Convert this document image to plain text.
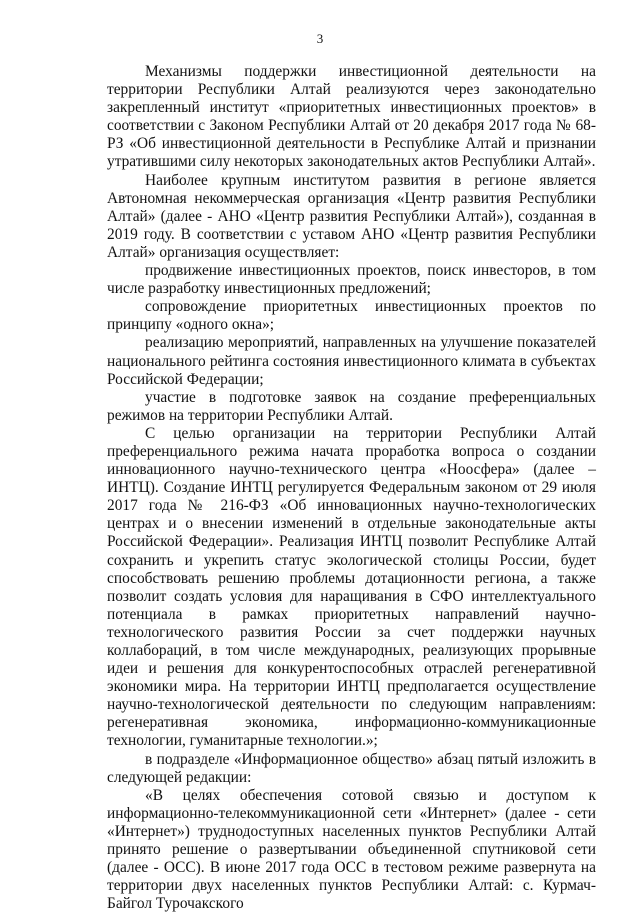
3

Механизмы поддержки инвестиционной деятельности на территории Республики Алтай реализуются через законодательно закрепленный институт «приоритетных инвестиционных проектов» в соответствии с Законом Республики Алтай от 20 декабря 2017 года № 68-РЗ «Об инвестиционной деятельности в Республике Алтай и признании утратившими силу некоторых законодательных актов Республики Алтай».

Наиболее крупным институтом развития в регионе является Автономная некоммерческая организация «Центр развития Республики Алтай» (далее - АНО «Центр развития Республики Алтай»), созданная в 2019 году. В соответствии с уставом АНО «Центр развития Республики Алтай» организация осуществляет:

продвижение инвестиционных проектов, поиск инвесторов, в том числе разработку инвестиционных предложений;

сопровождение приоритетных инвестиционных проектов по принципу «одного окна»;

реализацию мероприятий, направленных на улучшение показателей национального рейтинга состояния инвестиционного климата в субъектах Российской Федерации;

участие в подготовке заявок на создание преференциальных режимов на территории Республики Алтай.

С целью организации на территории Республики Алтай преференциального режима начата проработка вопроса о создании инновационного научно-технического центра «Ноосфера» (далее – ИНТЦ). Создание ИНТЦ регулируется Федеральным законом от 29 июля 2017 года № 216-ФЗ «Об инновационных научно-технологических центрах и о внесении изменений в отдельные законодательные акты Российской Федерации». Реализация ИНТЦ позволит Республике Алтай сохранить и укрепить статус экологической столицы России, будет способствовать решению проблемы дотационности региона, а также позволит создать условия для наращивания в СФО интеллектуального потенциала в рамках приоритетных направлений научно-технологического развития России за счет поддержки научных коллабораций, в том числе международных, реализующих прорывные идеи и решения для конкурентоспособных отраслей регенеративной экономики мира. На территории ИНТЦ предполагается осуществление научно-технологической деятельности по следующим направлениям: регенеративная экономика, информационно-коммуникационные технологии, гуманитарные технологии.»;

в подразделе «Информационное общество» абзац пятый изложить в следующей редакции:

«В целях обеспечения сотовой связью и доступом к информационно-телекоммуникационной сети «Интернет» (далее - сети «Интернет») труднодоступных населенных пунктов Республики Алтай принято решение о развертывании объединенной спутниковой сети (далее - ОСС). В июне 2017 года ОСС в тестовом режиме развернута на территории двух населенных пунктов Республики Алтай: с. Курмач-Байгол Турочакского
